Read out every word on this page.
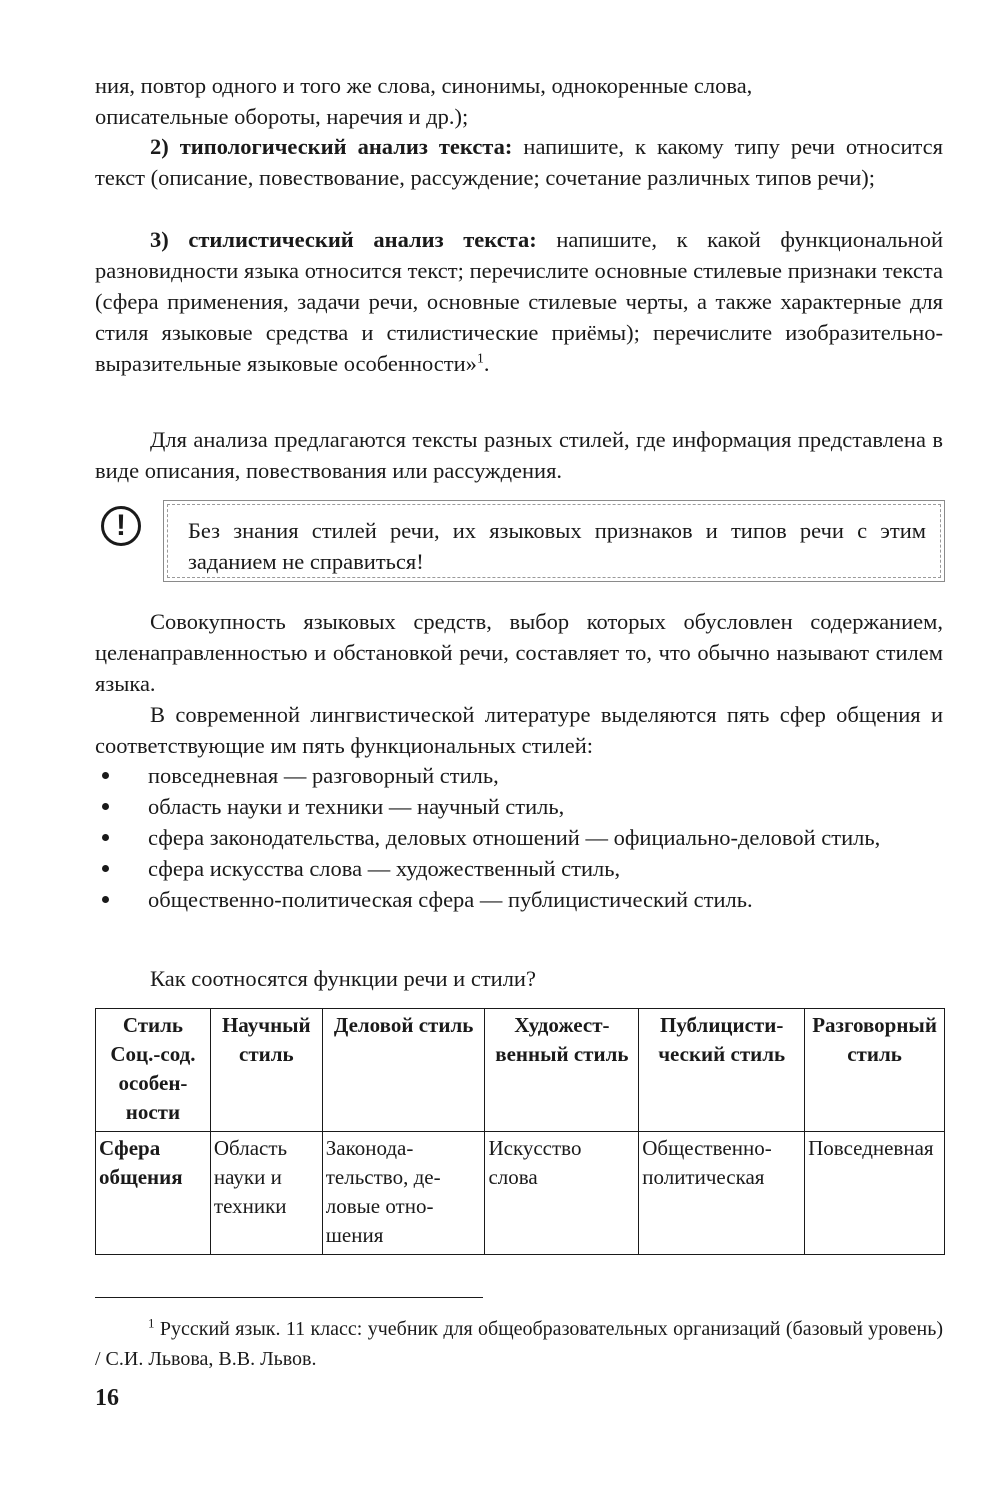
ния, повтор одного и того же слова, синонимы, однокоренные слова,
описательные обороты, наречия и др.);

2) типологический анализ текста: напишите, к какому типу речи относится текст (описание, повествование, рассуждение; сочетание различных типов речи);

3) стилистический анализ текста: напишите, к какой функциональной разновидности языка относится текст; перечислите основные стилевые признаки текста (сфера применения, задачи речи, основные стилевые черты, а также характерные для стиля языковые средства и стилистические приёмы); перечислите изобразительно-выразительные языковые особенности»$^1$.

Для анализа предлагаются тексты разных стилей, где информация представлена в виде описания, повествования или рассуждения.

!	Без знания стилей речи, их языковых признаков и типов речи с этим заданием не справиться!

Совокупность языковых средств, выбор которых обусловлен содержанием, целенаправленностью и обстановкой речи, составляет то, что обычно называют стилем языка.

В современной лингвистической литературе выделяются пять сфер общения и соответствующие им пять функциональных стилей:

повседневная — разговорный стиль,
область науки и техники — научный стиль,
сфера законодательства, деловых отношений — официально-деловой стиль,
сфера искусства слова — художественный стиль,
общественно-политическая сфера — публицистический стиль.

Как соотносятся функции речи и стили?

Стиль Соц.-сод. особенности	Научный стиль	Деловой стиль	Художественный стиль	Публицистический стиль	Разговорный стиль
Сфера общения	Область науки и техники	Законодательство, деловые отношения	Искусство слова	Общественно-политическая	Повседневная

$^1$ Русский язык. 11 класс: учебник для общеобразовательных организаций (базовый уровень) / С.И. Львова, В.В. Львов.

16
